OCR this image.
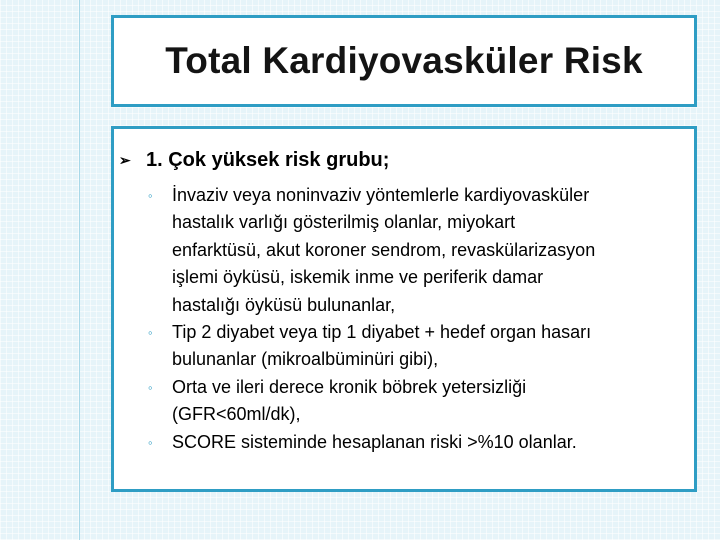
Total Kardiyovasküler Risk
➢ 1. Çok yüksek risk grubu;
◦ İnvaziv veya noninvaziv yöntemlerle kardiyovasküler
hastalık varlığı gösterilmiş olanlar, miyokart
enfarktüsü, akut koroner sendrom, revaskülarizasyon
işlemi öyküsü, iskemik inme ve periferik damar
hastalığı öyküsü bulunanlar,
◦ Tip 2 diyabet veya tip 1 diyabet + hedef organ hasarı
bulunanlar (mikroalbüminüri gibi),
◦ Orta ve ileri derece kronik böbrek yetersizliği
(GFR<60ml/dk),
◦ SCORE sisteminde hesaplanan riski >%10 olanlar.
